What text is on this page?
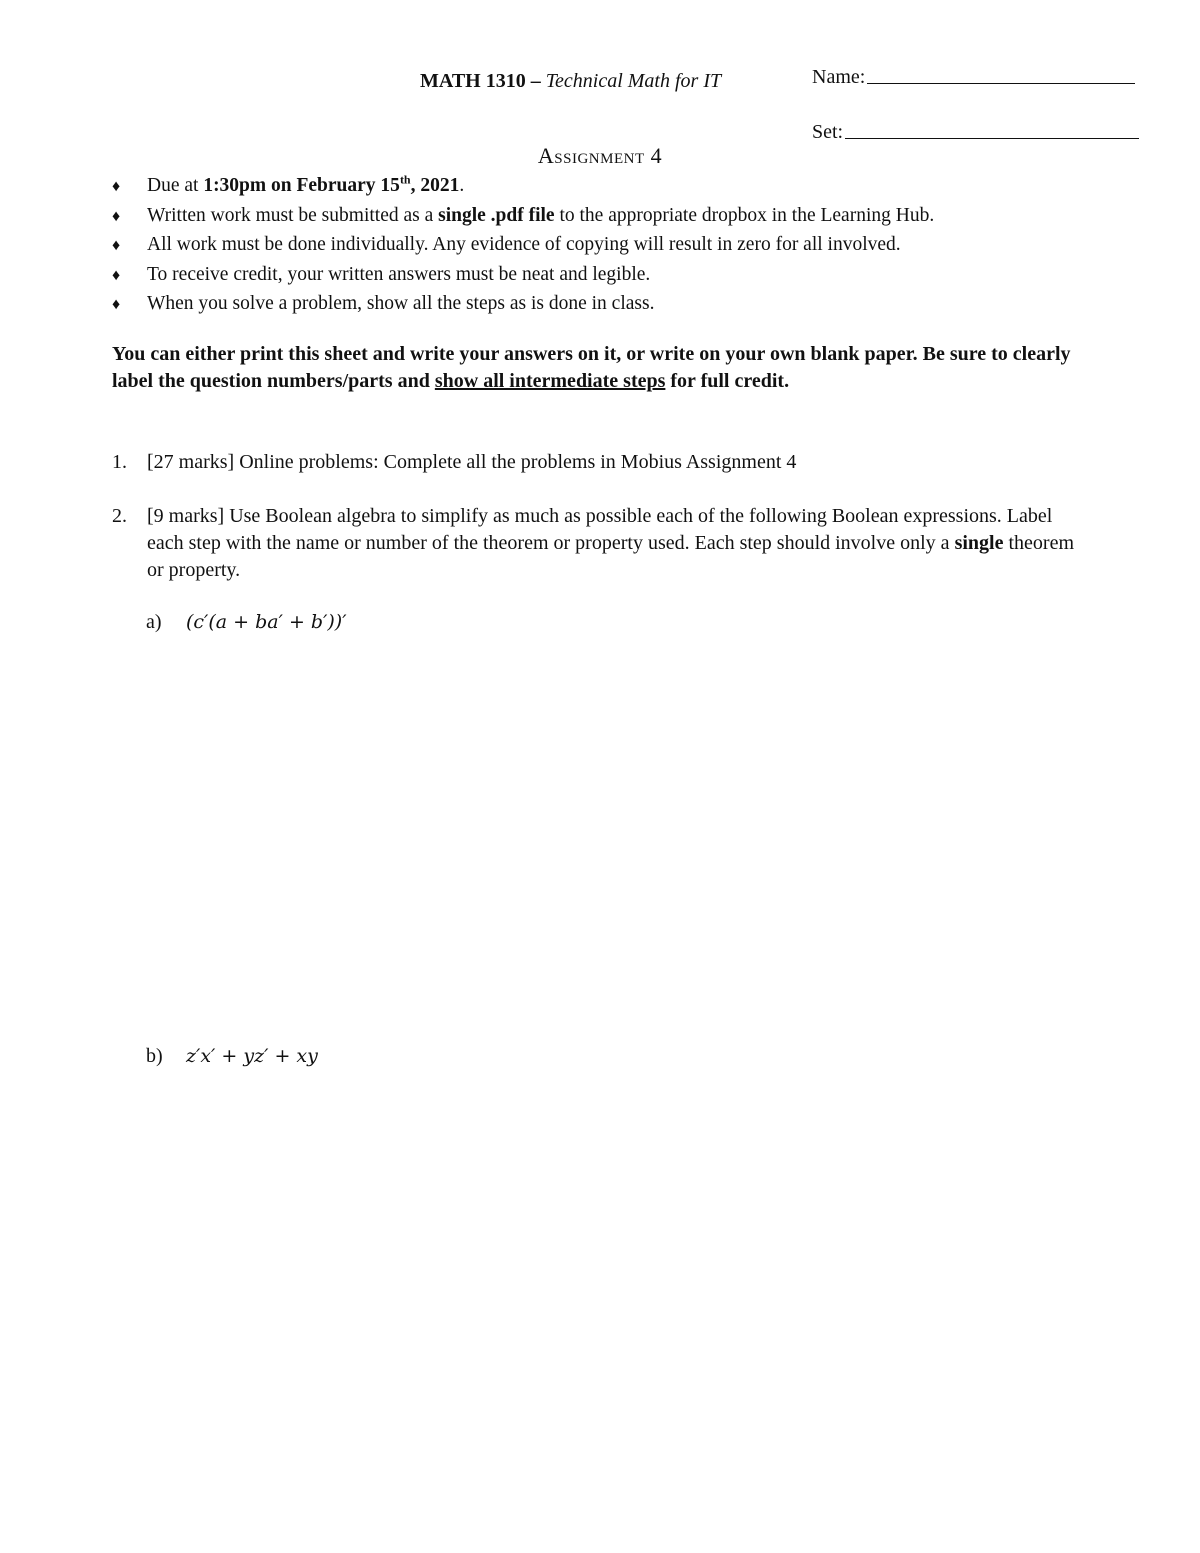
MATH 1310 – Technical Math for IT	Name:
Set:
Assignment 4
♦	Due at 1:30pm on February 15th, 2021.
♦	Written work must be submitted as a single .pdf file to the appropriate dropbox in the Learning Hub.
♦	All work must be done individually. Any evidence of copying will result in zero for all involved.
♦	To receive credit, your written answers must be neat and legible.
♦	When you solve a problem, show all the steps as is done in class.
You can either print this sheet and write your answers on it, or write on your own blank paper. Be sure to clearly label the question numbers/parts and show all intermediate steps for full credit.
1.	[27 marks] Online problems: Complete all the problems in Mobius Assignment 4
2.	[9 marks] Use Boolean algebra to simplify as much as possible each of the following Boolean expressions. Label each step with the name or number of the theorem or property used. Each step should involve only a single theorem or property.
a)	(c′(a + ba′ + b′))′
b)	z′x′ + yz′ + xy
